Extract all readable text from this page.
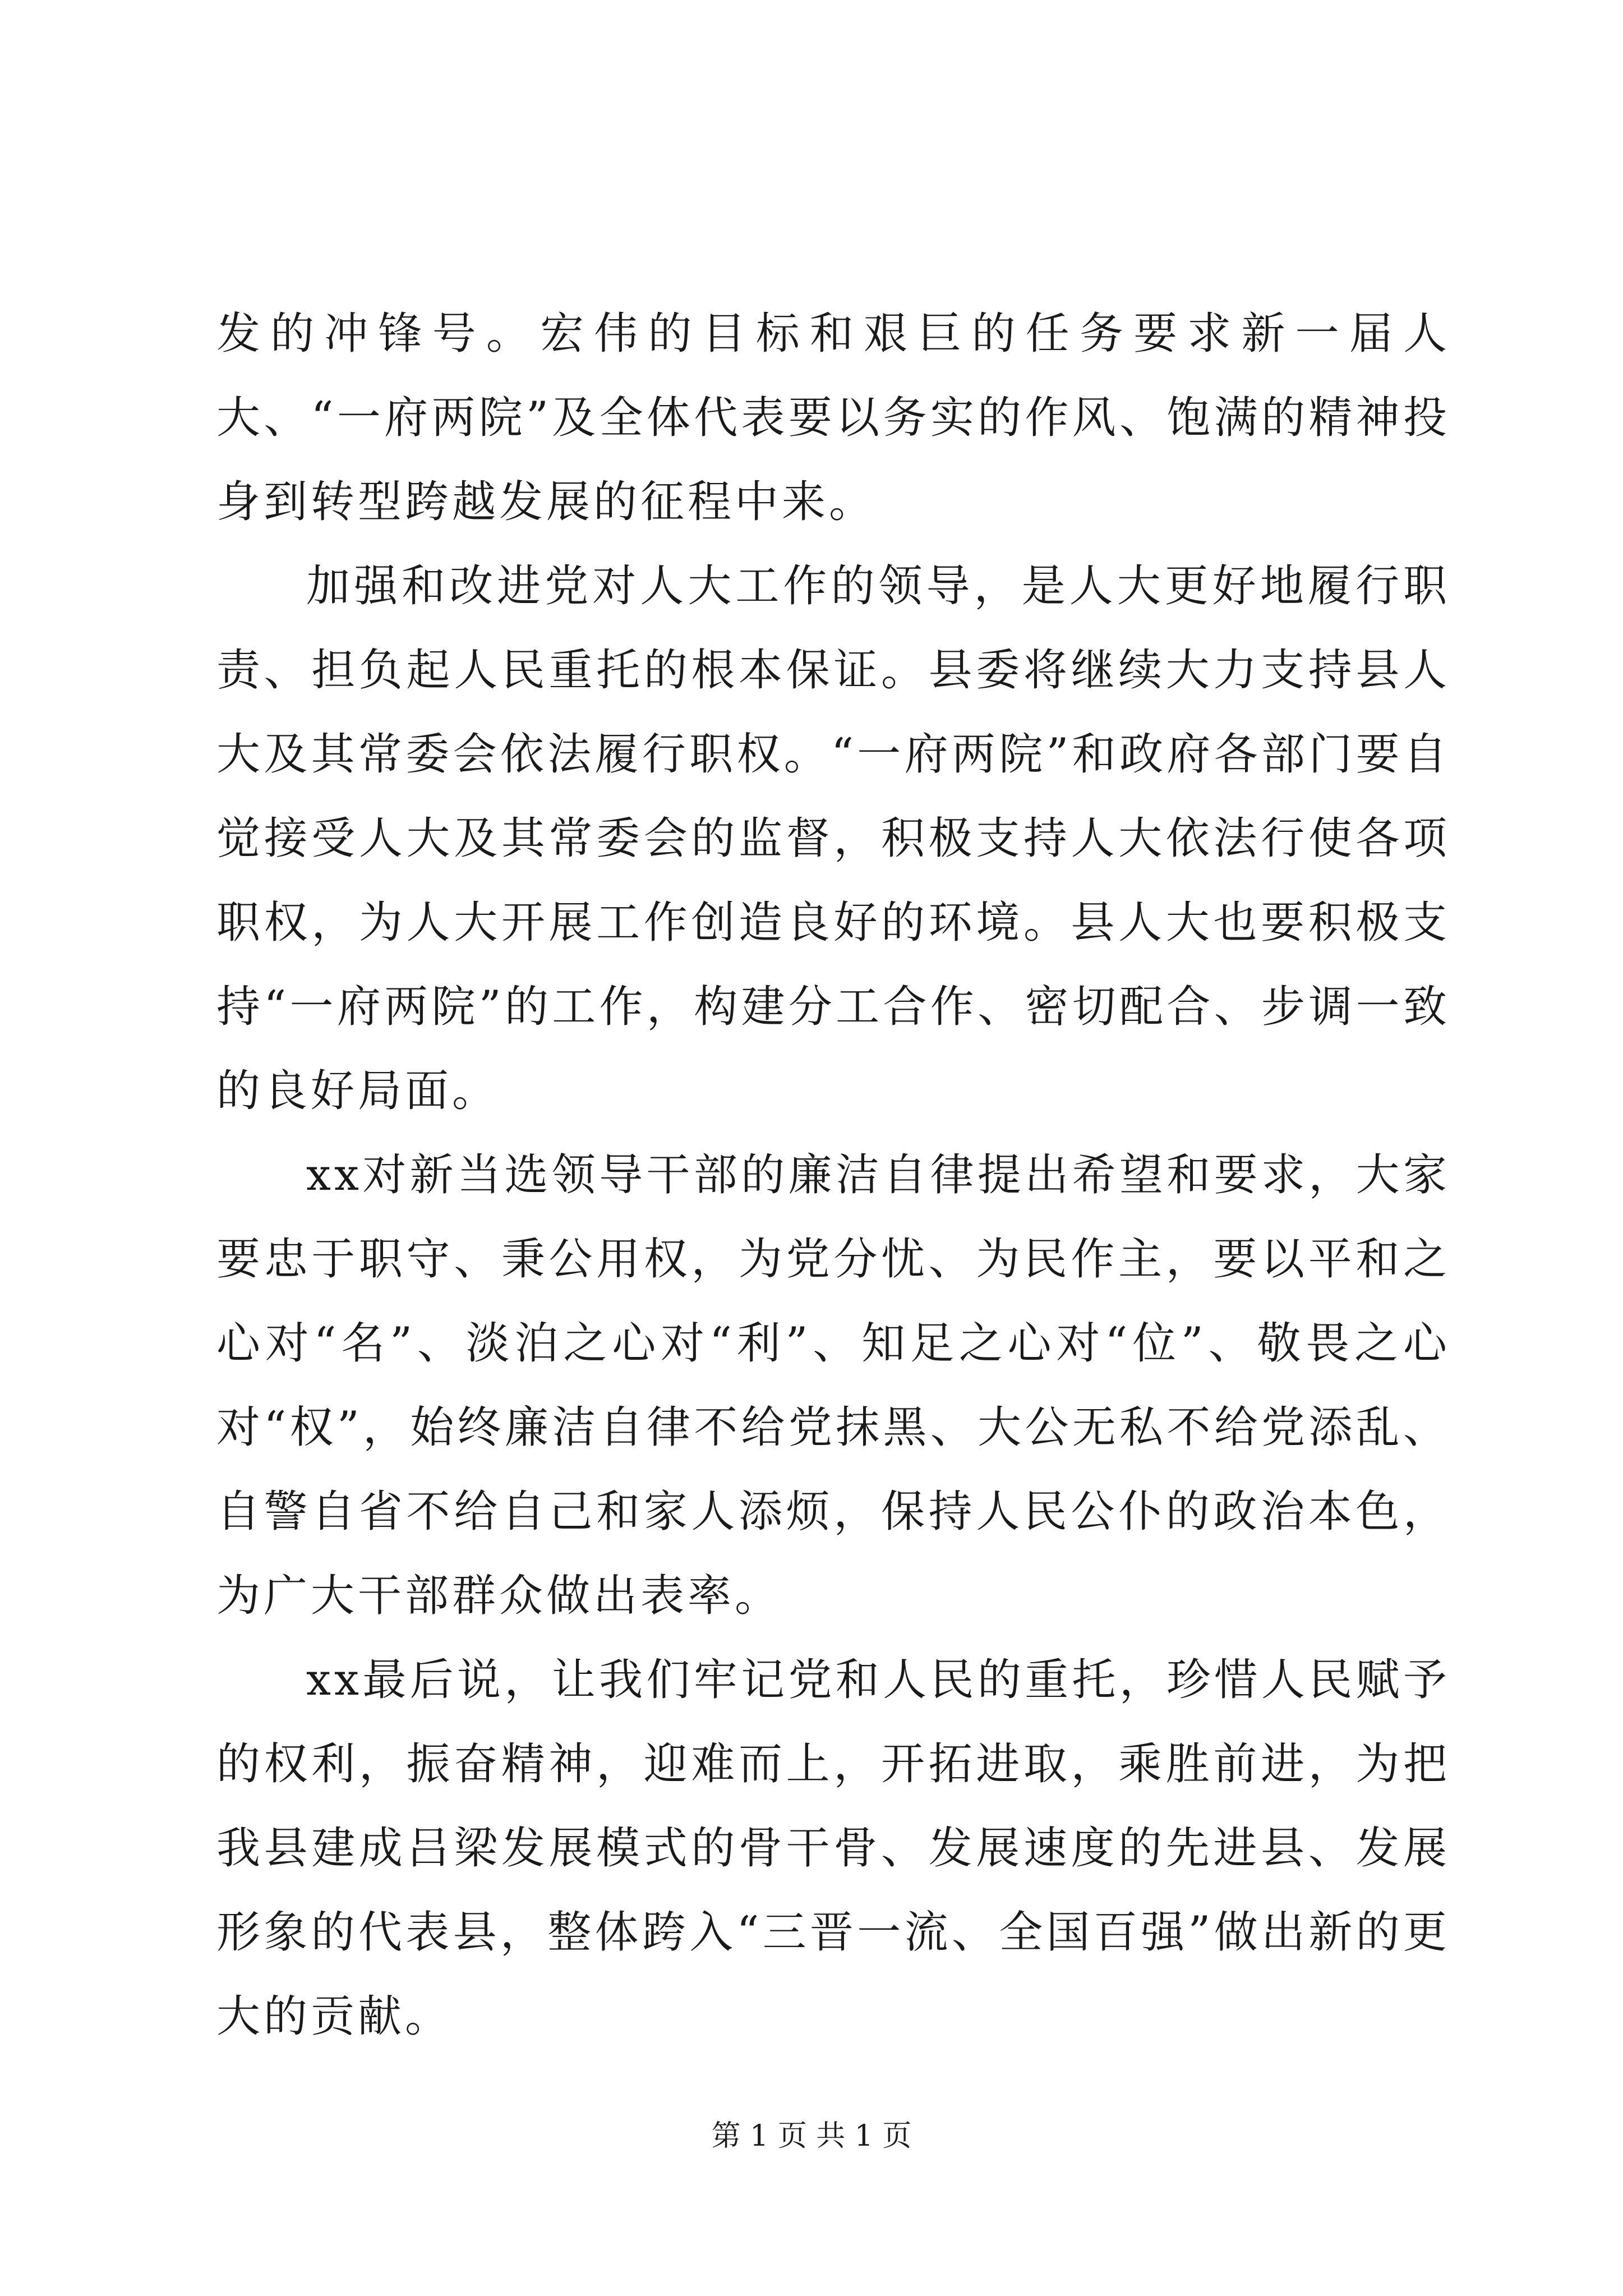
发的冲锋号。宏伟的目标和艰巨的任务要求新一届人大、“一府两院”及全体代表要以务实的作风、饱满的精神投身到转型跨越发展的征程中来。

加强和改进党对人大工作的领导，是人大更好地履行职责、担负起人民重托的根本保证。县委将继续大力支持县人大及其常委会依法履行职权。“一府两院”和政府各部门要自觉接受人大及其常委会的监督，积极支持人大依法行使各项职权，为人大开展工作创造良好的环境。县人大也要积极支持“一府两院”的工作，构建分工合作、密切配合、步调一致的良好局面。

xx对新当选领导干部的廉洁自律提出希望和要求，大家要忠于职守、秉公用权，为党分忧、为民作主，要以平和之心对“名”、淡泊之心对“利”、知足之心对“位”、敬畏之心对“权”，始终廉洁自律不给党抹黑、大公无私不给党添乱、自警自省不给自己和家人添烦，保持人民公仆的政治本色，为广大干部群众做出表率。

xx最后说，让我们牢记党和人民的重托，珍惜人民赋予的权利，振奋精神，迎难而上，开拓进取，乘胜前进，为把我县建成吕梁发展模式的骨干骨、发展速度的先进县、发展形象的代表县，整体跨入“三晋一流、全国百强”做出新的更大的贡献。

第 1 页 共 1 页
